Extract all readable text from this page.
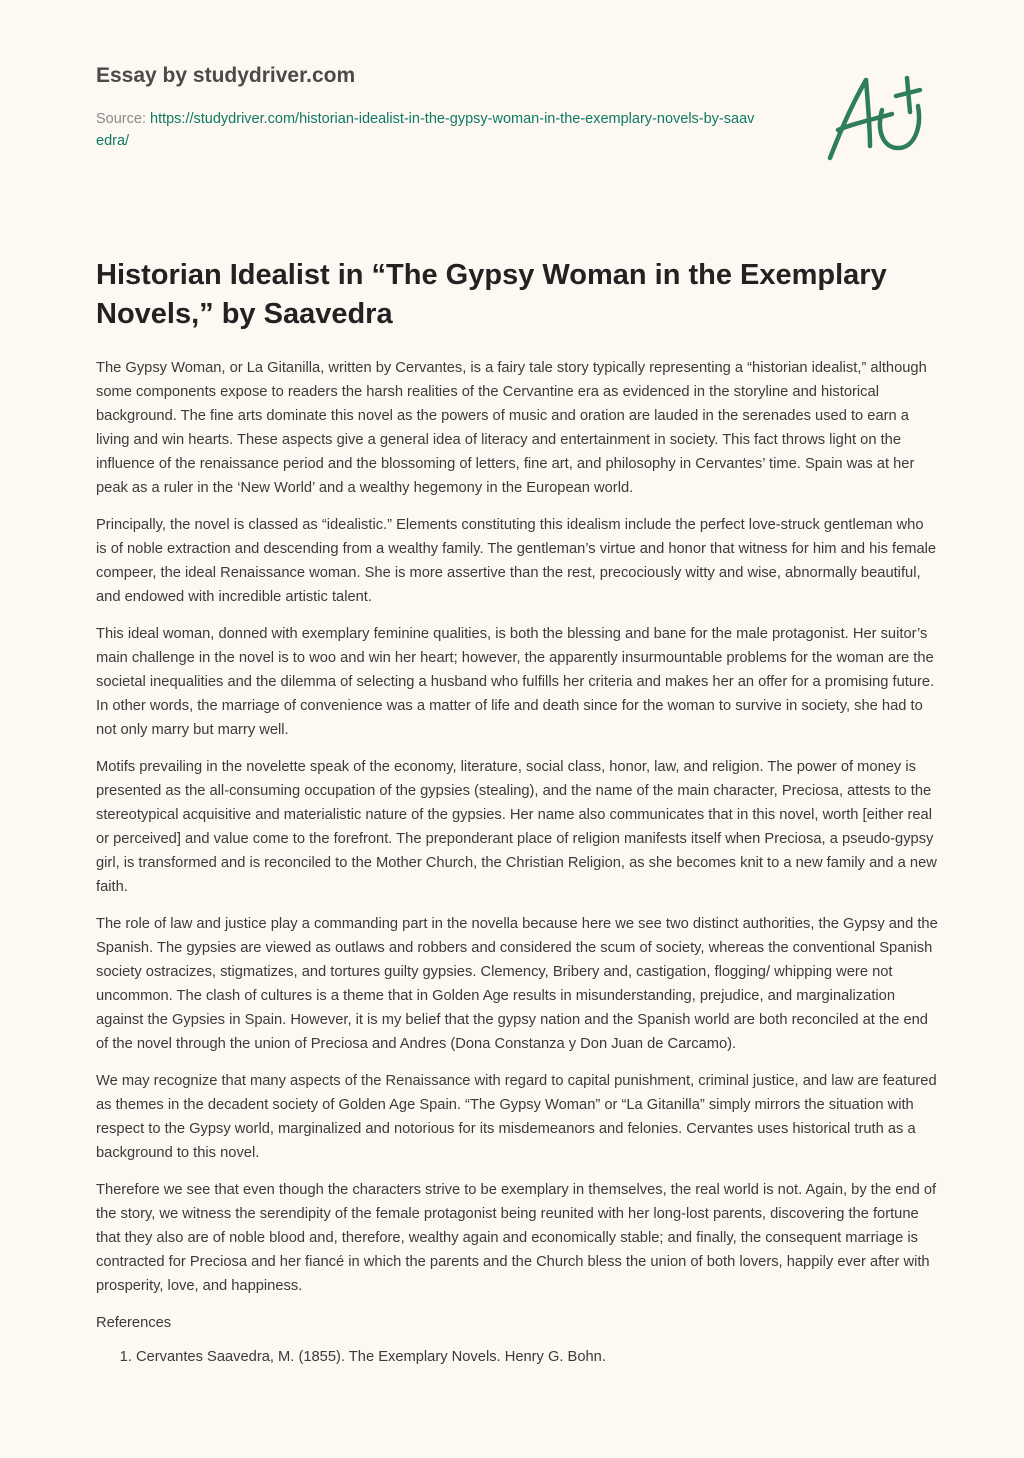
Essay by studydriver.com
Source: https://studydriver.com/historian-idealist-in-the-gypsy-woman-in-the-exemplary-novels-by-saavedra/
Historian Idealist in “The Gypsy Woman in the Exemplary Novels,” by Saavedra

The Gypsy Woman, or La Gitanilla, written by Cervantes, is a fairy tale story typically representing a “historian idealist,” although some components expose to readers the harsh realities of the Cervantine era as evidenced in the storyline and historical background. The fine arts dominate this novel as the powers of music and oration are lauded in the serenades used to earn a living and win hearts. These aspects give a general idea of literacy and entertainment in society. This fact throws light on the influence of the renaissance period and the blossoming of letters, fine art, and philosophy in Cervantes’ time. Spain was at her peak as a ruler in the ‘New World’ and a wealthy hegemony in the European world.

Principally, the novel is classed as “idealistic.” Elements constituting this idealism include the perfect love-struck gentleman who is of noble extraction and descending from a wealthy family. The gentleman’s virtue and honor that witness for him and his female compeer, the ideal Renaissance woman. She is more assertive than the rest, precociously witty and wise, abnormally beautiful, and endowed with incredible artistic talent.

This ideal woman, donned with exemplary feminine qualities, is both the blessing and bane for the male protagonist. Her suitor’s main challenge in the novel is to woo and win her heart; however, the apparently insurmountable problems for the woman are the societal inequalities and the dilemma of selecting a husband who fulfills her criteria and makes her an offer for a promising future. In other words, the marriage of convenience was a matter of life and death since for the woman to survive in society, she had to not only marry but marry well.

Motifs prevailing in the novelette speak of the economy, literature, social class, honor, law, and religion. The power of money is presented as the all-consuming occupation of the gypsies (stealing), and the name of the main character, Preciosa, attests to the stereotypical acquisitive and materialistic nature of the gypsies. Her name also communicates that in this novel, worth [either real or perceived] and value come to the forefront. The preponderant place of religion manifests itself when Preciosa, a pseudo-gypsy girl, is transformed and is reconciled to the Mother Church, the Christian Religion, as she becomes knit to a new family and a new faith.

The role of law and justice play a commanding part in the novella because here we see two distinct authorities, the Gypsy and the Spanish. The gypsies are viewed as outlaws and robbers and considered the scum of society, whereas the conventional Spanish society ostracizes, stigmatizes, and tortures guilty gypsies. Clemency, Bribery and, castigation, flogging/ whipping were not uncommon. The clash of cultures is a theme that in Golden Age results in misunderstanding, prejudice, and marginalization against the Gypsies in Spain. However, it is my belief that the gypsy nation and the Spanish world are both reconciled at the end of the novel through the union of Preciosa and Andres (Dona Constanza y Don Juan de Carcamo).

We may recognize that many aspects of the Renaissance with regard to capital punishment, criminal justice, and law are featured as themes in the decadent society of Golden Age Spain. “The Gypsy Woman” or “La Gitanilla” simply mirrors the situation with respect to the Gypsy world, marginalized and notorious for its misdemeanors and felonies. Cervantes uses historical truth as a background to this novel.

Therefore we see that even though the characters strive to be exemplary in themselves, the real world is not. Again, by the end of the story, we witness the serendipity of the female protagonist being reunited with her long-lost parents, discovering the fortune that they also are of noble blood and, therefore, wealthy again and economically stable; and finally, the consequent marriage is contracted for Preciosa and her fiancé in which the parents and the Church bless the union of both lovers, happily ever after with prosperity, love, and happiness.

References
1. Cervantes Saavedra, M. (1855). The Exemplary Novels. Henry G. Bohn.
